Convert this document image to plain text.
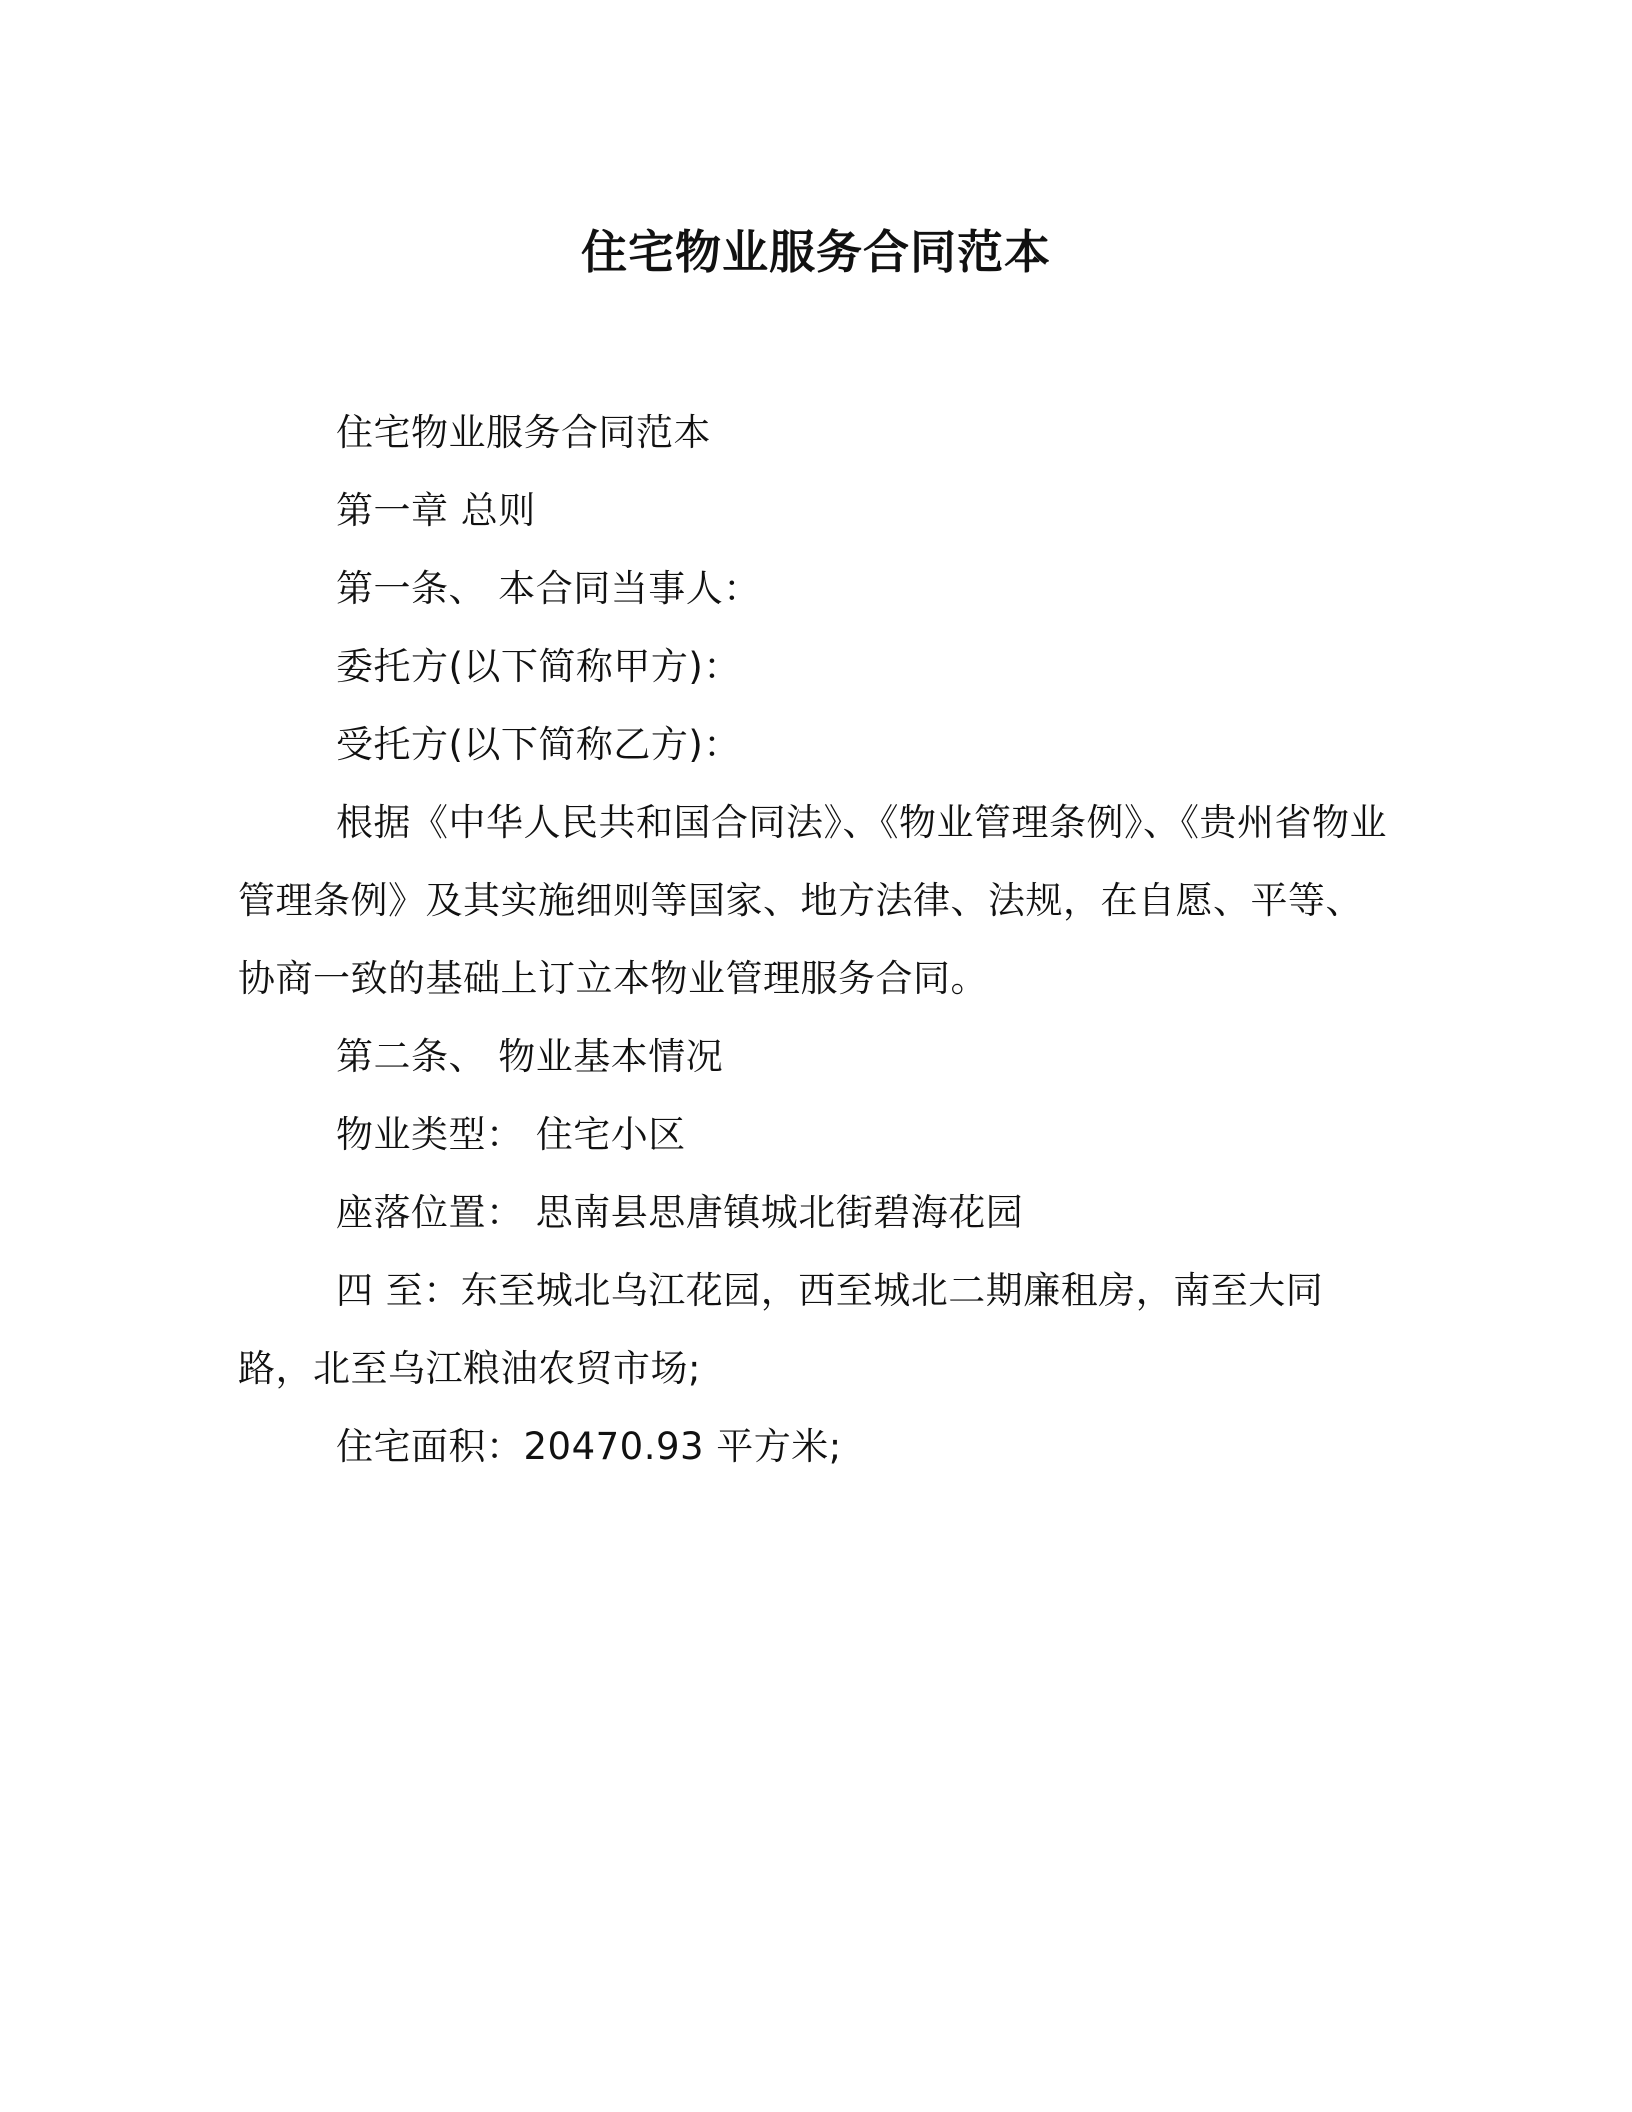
住宅物业服务合同范本

住宅物业服务合同范本

第一章 总则

第一条、 本合同当事人：

委托方(以下简称甲方)：

受托方(以下简称乙方)：

根据《中华人民共和国合同法》、《物业管理条例》、《贵州省物业管理条例》及其实施细则等国家、地方法律、法规，在自愿、平等、协商一致的基础上订立本物业管理服务合同。

第二条、 物业基本情况

物业类型： 住宅小区

座落位置： 思南县思唐镇城北街碧海花园

四 至：东至城北乌江花园，西至城北二期廉租房，南至大同路，北至乌江粮油农贸市场;

住宅面积：20470.93 平方米;
